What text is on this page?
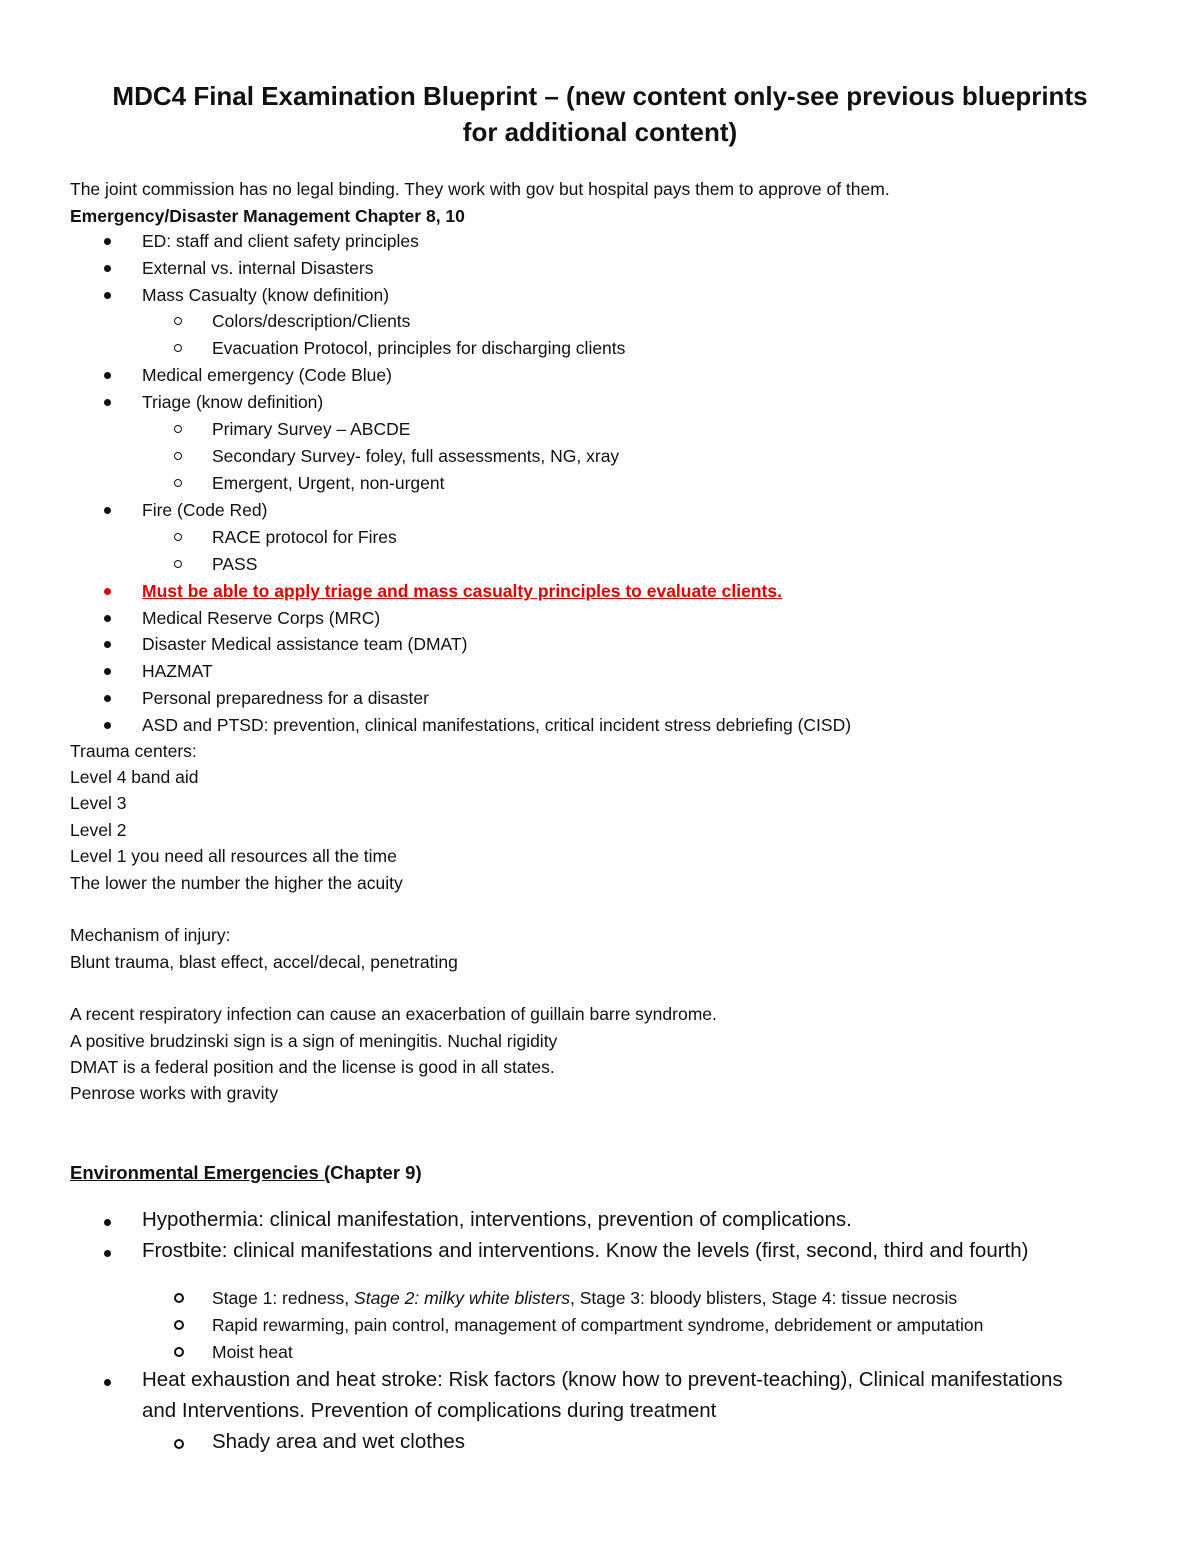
MDC4 Final Examination Blueprint – (new content only-see previous blueprints
for additional content)

The joint commission has no legal binding. They work with gov but hospital pays them to approve of them.

Emergency/Disaster Management Chapter 8, 10

ED: staff and client safety principles

External vs. internal Disasters

Mass Casualty (know definition)

Colors/description/Clients

Evacuation Protocol, principles for discharging clients

Medical emergency (Code Blue)

Triage (know definition)

Primary Survey – ABCDE

Secondary Survey- foley, full assessments, NG, xray

Emergent, Urgent, non-urgent

Fire (Code Red)

RACE protocol for Fires

PASS

Must be able to apply triage and mass casualty principles to evaluate clients.

Medical Reserve Corps (MRC)

Disaster Medical assistance team (DMAT)

HAZMAT

Personal preparedness for a disaster

ASD and PTSD: prevention, clinical manifestations, critical incident stress debriefing (CISD)

Trauma centers:

Level 4 band aid

Level 3

Level 2

Level 1 you need all resources all the time

The lower the number the higher the acuity

Mechanism of injury:

Blunt trauma, blast effect, accel/decal, penetrating

A recent respiratory infection can cause an exacerbation of guillain barre syndrome.

A positive brudzinski sign is a sign of meningitis. Nuchal rigidity

DMAT is a federal position and the license is good in all states.

Penrose works with gravity

Environmental Emergencies (Chapter 9)

Hypothermia: clinical manifestation, interventions, prevention of complications.

Frostbite: clinical manifestations and interventions. Know the levels (first, second, third and fourth)

Stage 1: redness, Stage 2: milky white blisters, Stage 3: bloody blisters, Stage 4: tissue necrosis

Rapid rewarming, pain control, management of compartment syndrome, debridement or amputation

Moist heat

Heat exhaustion and heat stroke: Risk factors (know how to prevent-teaching), Clinical manifestations

and Interventions. Prevention of complications during treatment

Shady area and wet clothes
